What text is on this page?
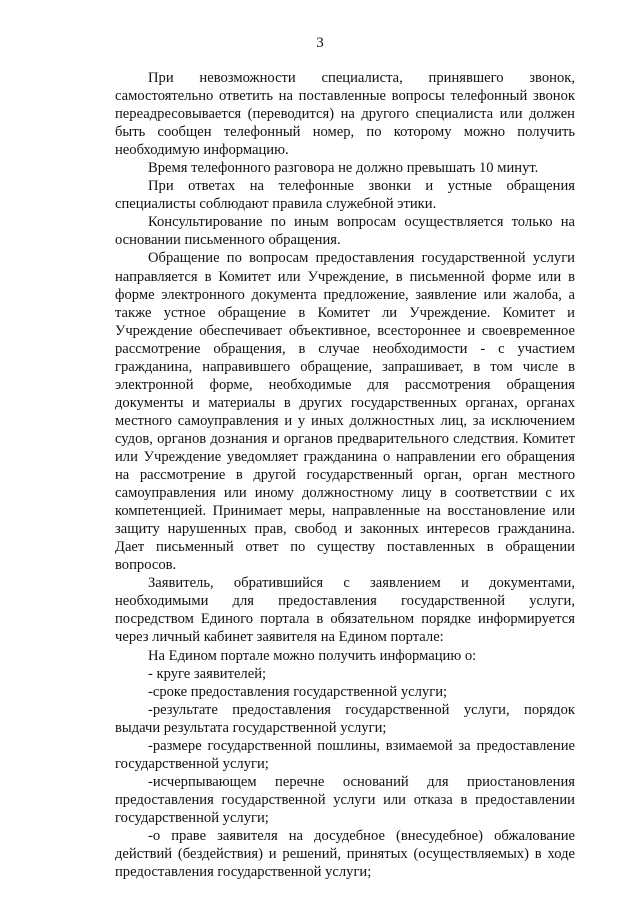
3

При невозможности специалиста, принявшего звонок, самостоятельно ответить на поставленные вопросы телефонный звонок переадресовывается (переводится) на другого специалиста или должен быть сообщен телефонный номер, по которому можно получить необходимую информацию.

Время телефонного разговора не должно превышать 10 минут.

При ответах на телефонные звонки и устные обращения специалисты соблюдают правила служебной этики.

Консультирование по иным вопросам осуществляется только на основании письменного обращения.

Обращение по вопросам предоставления государственной услуги направляется в Комитет или Учреждение, в письменной форме или в форме электронного документа предложение, заявление или жалоба, а также устное обращение в Комитет ли Учреждение. Комитет и Учреждение обеспечивает объективное, всестороннее и своевременное рассмотрение обращения, в случае необходимости - с участием гражданина, направившего обращение, запрашивает, в том числе в электронной форме, необходимые для рассмотрения обращения документы и материалы в других государственных органах, органах местного самоуправления и у иных должностных лиц, за исключением судов, органов дознания и органов предварительного следствия. Комитет или Учреждение уведомляет гражданина о направлении его обращения на рассмотрение в другой государственный орган, орган местного самоуправления или иному должностному лицу в соответствии с их компетенцией. Принимает меры, направленные на восстановление или защиту нарушенных прав, свобод и законных интересов гражданина. Дает письменный ответ по существу поставленных в обращении вопросов.

Заявитель, обратившийся с заявлением и документами, необходимыми для предоставления государственной услуги, посредством Единого портала в обязательном порядке информируется через личный кабинет заявителя на Едином портале:

На Едином портале можно получить информацию о:

- круге заявителей;

-сроке предоставления государственной услуги;

-результате предоставления государственной услуги, порядок выдачи результата государственной услуги;

-размере государственной пошлины, взимаемой за предоставление государственной услуги;

-исчерпывающем перечне оснований для приостановления предоставления государственной услуги или отказа в предоставлении государственной услуги;

-о праве заявителя на досудебное (внесудебное) обжалование действий (бездействия) и решений, принятых (осуществляемых) в ходе предоставления государственной услуги;
